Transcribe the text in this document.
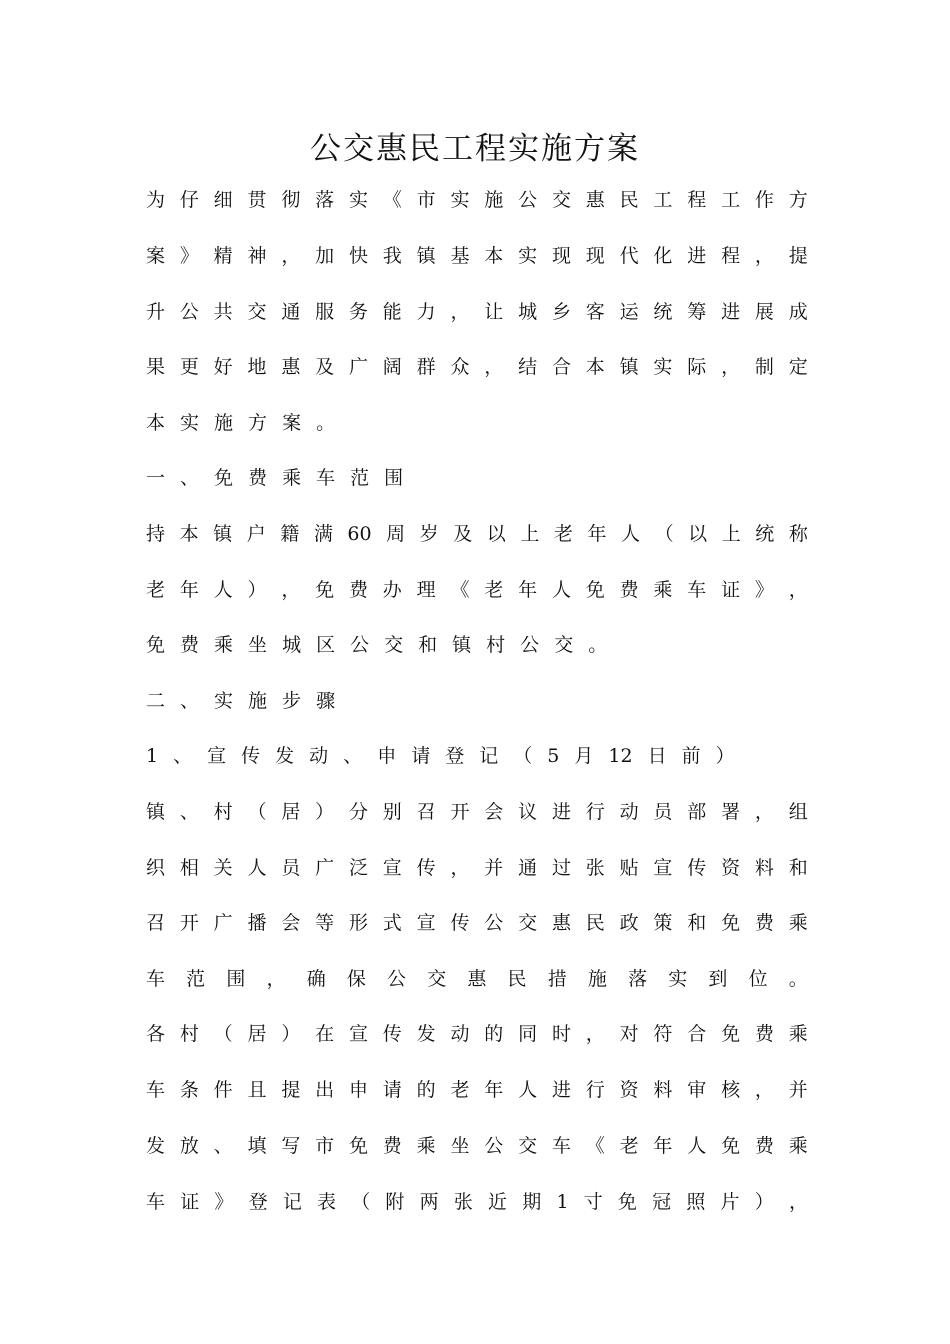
公交惠民工程实施方案
为 仔 细 贯 彻 落 实 《 市 实 施 公 交 惠 民 工 程 工 作 方
案 》 精 神 ， 加 快 我 镇 基 本 实 现 现 代 化 进 程 ， 提
升 公 共 交 通 服 务 能 力 ， 让 城 乡 客 运 统 筹 进 展 成
果 更 好 地 惠 及 广 阔 群 众 ， 结 合 本 镇 实 际 ， 制 定
本 实 施 方 案 。
一 、 免 费 乘 车 范 围
持 本 镇 户 籍 满 60 周 岁 及 以 上 老 年 人 （ 以 上 统 称
老 年 人 ） ， 免 费 办 理 《 老 年 人 免 费 乘 车 证 》 ，
免 费 乘 坐 城 区 公 交 和 镇 村 公 交 。
二 、 实 施 步 骤
1 、 宣 传 发 动 、 申 请 登 记 （ 5 月 12 日 前 ）
镇 、 村 （ 居 ） 分 别 召 开 会 议 进 行 动 员 部 署 ， 组
织 相 关 人 员 广 泛 宣 传 ， 并 通 过 张 贴 宣 传 资 料 和
召 开 广 播 会 等 形 式 宣 传 公 交 惠 民 政 策 和 免 费 乘
车 范 围 ， 确 保 公 交 惠 民 措 施 落 实 到 位 。
各 村 （ 居 ） 在 宣 传 发 动 的 同 时 ， 对 符 合 免 费 乘
车 条 件 且 提 出 申 请 的 老 年 人 进 行 资 料 审 核 ， 并
发 放 、 填 写 市 免 费 乘 坐 公 交 车 《 老 年 人 免 费 乘
车 证 》 登 记 表 （ 附 两 张 近 期 1 寸 免 冠 照 片 ） ，
